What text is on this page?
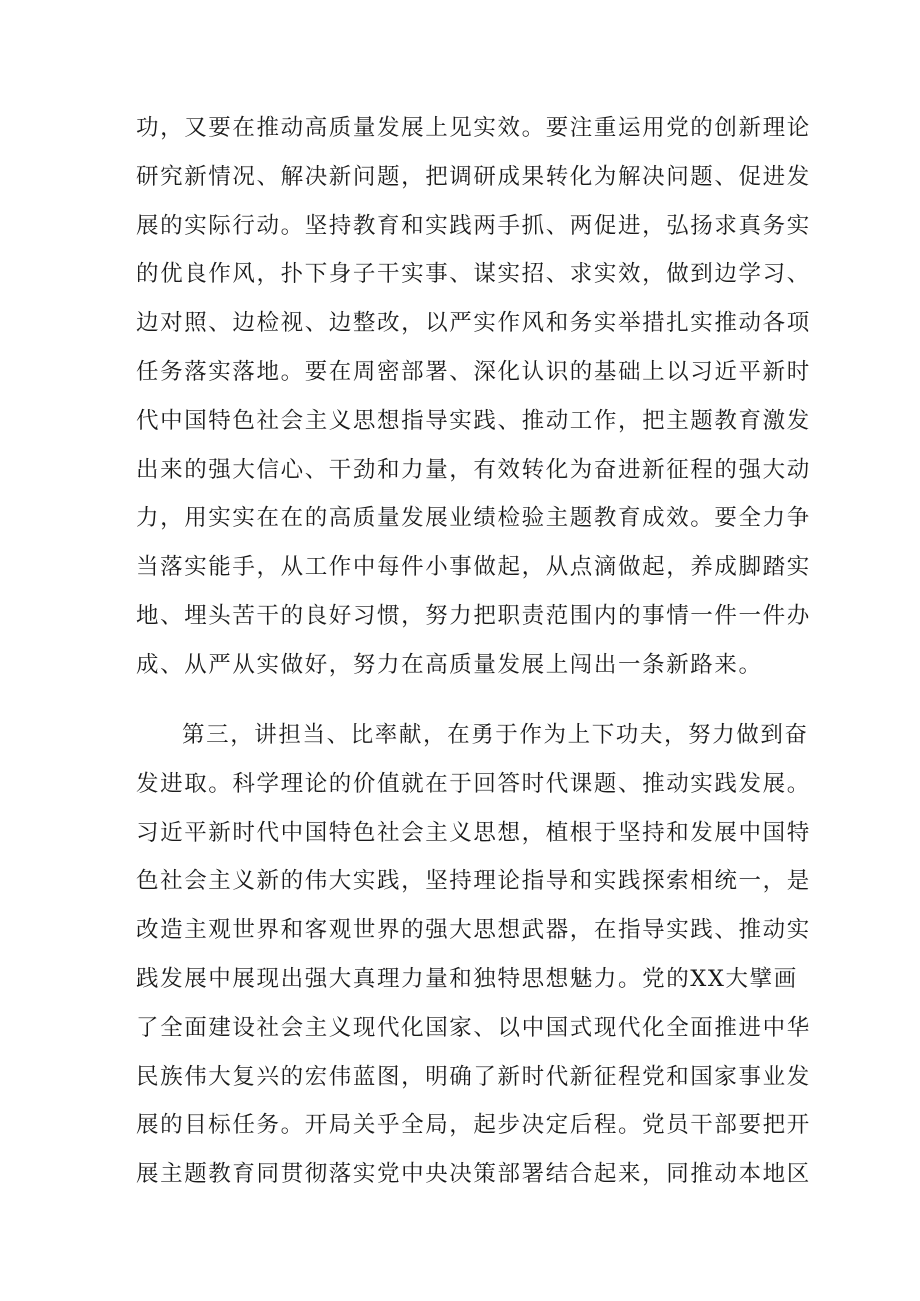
功，又要在推动高质量发展上见实效。要注重运用党的创新理论
研究新情况、解决新问题，把调研成果转化为解决问题、促进发
展的实际行动。坚持教育和实践两手抓、两促进，弘扬求真务实
的优良作风，扑下身子干实事、谋实招、求实效，做到边学习、
边对照、边检视、边整改，以严实作风和务实举措扎实推动各项
任务落实落地。要在周密部署、深化认识的基础上以习近平新时
代中国特色社会主义思想指导实践、推动工作，把主题教育激发
出来的强大信心、干劲和力量，有效转化为奋进新征程的强大动
力，用实实在在的高质量发展业绩检验主题教育成效。要全力争
当落实能手，从工作中每件小事做起，从点滴做起，养成脚踏实
地、埋头苦干的良好习惯，努力把职责范围内的事情一件一件办
成、从严从实做好，努力在高质量发展上闯出一条新路来。
第三，讲担当、比率献，在勇于作为上下功夫，努力做到奋
发进取。科学理论的价值就在于回答时代课题、推动实践发展。
习近平新时代中国特色社会主义思想，植根于坚持和发展中国特
色社会主义新的伟大实践，坚持理论指导和实践探索相统一，是
改造主观世界和客观世界的强大思想武器，在指导实践、推动实
践发展中展现出强大真理力量和独特思想魅力。党的XX大擘画
了全面建设社会主义现代化国家、以中国式现代化全面推进中华
民族伟大复兴的宏伟蓝图，明确了新时代新征程党和国家事业发
展的目标任务。开局关乎全局，起步决定后程。党员干部要把开
展主题教育同贯彻落实党中央决策部署结合起来，同推动本地区
